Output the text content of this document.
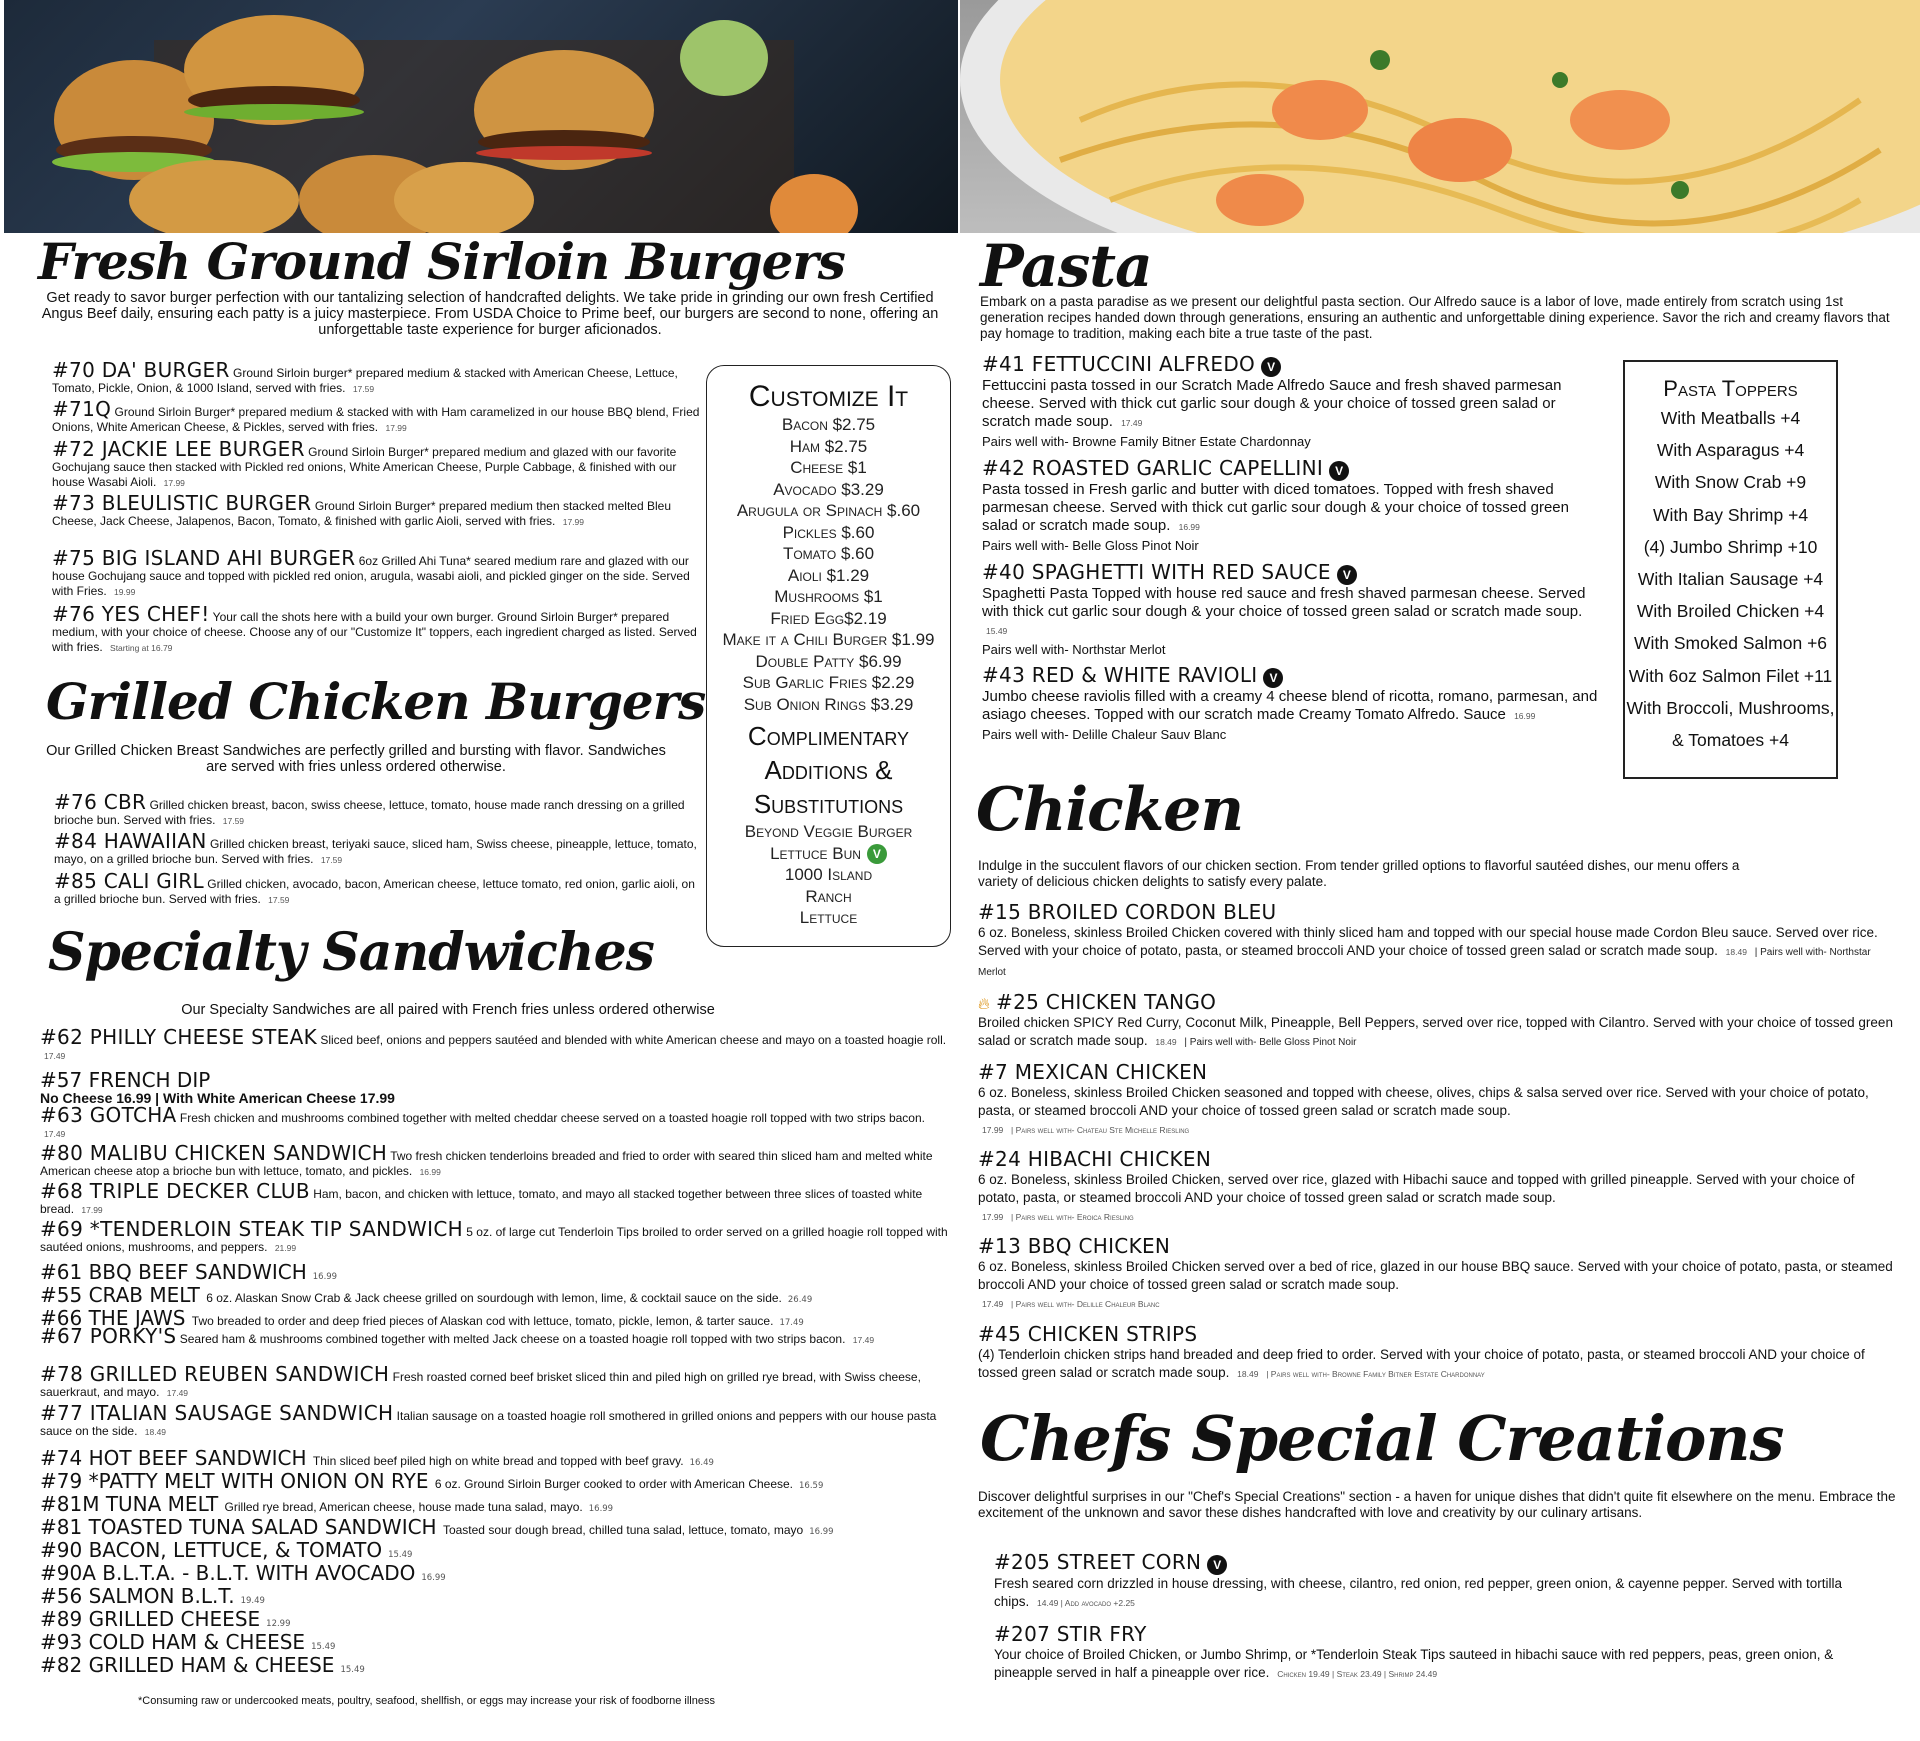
Fresh Ground Sirloin Burgers
Get ready to savor burger perfection with our tantalizing selection of handcrafted delights. We take pride in grinding our own fresh Certified Angus Beef daily, ensuring each patty is a juicy masterpiece. From USDA Choice to Prime beef, our burgers are second to none, offering an unforgettable taste experience for burger aficionados.
#70 DA' BURGER Ground Sirloin burger* prepared medium & stacked with American Cheese, Lettuce, Tomato, Pickle, Onion, & 1000 Island, served with fries. 17.59
#71Q Ground Sirloin Burger* prepared medium & stacked with with Ham caramelized in our house BBQ blend, Fried Onions, White American Cheese, & Pickles, served with fries. 17.99
#72 JACKIE LEE BURGER Ground Sirloin Burger* prepared medium and glazed with our favorite Gochujang sauce then stacked with Pickled red onions, White American Cheese, Purple Cabbage, & finished with our house Wasabi Aioli. 17.99
#73 BLEULISTIC BURGER Ground Sirloin Burger* prepared medium then stacked melted Bleu Cheese, Jack Cheese, Jalapenos, Bacon, Tomato, & finished with garlic Aioli, served with fries. 17.99
#75 BIG ISLAND AHI BURGER 6oz Grilled Ahi Tuna* seared medium rare and glazed with our house Gochujang sauce and topped with pickled red onion, arugula, wasabi aioli, and pickled ginger on the side. Served with Fries. 19.99
#76 YES CHEF! Your call the shots here with a build your own burger. Ground Sirloin Burger* prepared medium, with your choice of cheese. Choose any of our "Customize It" toppers, each ingredient charged as listed. Served with fries. Starting at 16.79
Grilled Chicken Burgers
Our Grilled Chicken Breast Sandwiches are perfectly grilled and bursting with flavor. Sandwiches are served with fries unless ordered otherwise.
#76 CBR Grilled chicken breast, bacon, swiss cheese, lettuce, tomato, house made ranch dressing on a grilled brioche bun. Served with fries. 17.59
#84 HAWAIIAN Grilled chicken breast, teriyaki sauce, sliced ham, Swiss cheese, pineapple, lettuce, tomato, mayo, on a grilled brioche bun. Served with fries. 17.59
#85 CALI GIRL Grilled chicken, avocado, bacon, American cheese, lettuce tomato, red onion, garlic aioli, on a grilled brioche bun. Served with fries. 17.59
Customize It
Bacon $2.75
Ham $2.75
Cheese $1
Avocado $3.29
Arugula or Spinach $.60
Pickles $.60
Tomato $.60
Aioli $1.29
Mushrooms $1
Fried Egg$2.19
Make it a Chili Burger $1.99
Double Patty $6.99
Sub Garlic Fries $2.29
Sub Onion Rings $3.29
Complimentary Additions & Substitutions
Beyond Veggie Burger
Lettuce Bun V
1000 Island
Ranch
Lettuce
Specialty Sandwiches
Our Specialty Sandwiches are all paired with French fries unless ordered otherwise
#62 PHILLY CHEESE STEAK Sliced beef, onions and peppers sautéed and blended with white American cheese and mayo on a toasted hoagie roll. 17.49
#57 FRENCH DIP
No Cheese 16.99 | With White American Cheese 17.99
#63 GOTCHA Fresh chicken and mushrooms combined together with melted cheddar cheese served on a toasted hoagie roll topped with two strips bacon. 17.49
#80 MALIBU CHICKEN SANDWICH Two fresh chicken tenderloins breaded and fried to order with seared thin sliced ham and melted white American cheese atop a brioche bun with lettuce, tomato, and pickles. 16.99
#68 TRIPLE DECKER CLUB Ham, bacon, and chicken with lettuce, tomato, and mayo all stacked together between three slices of toasted white bread. 17.99
#69 *TENDERLOIN STEAK TIP SANDWICH 5 oz. of large cut Tenderloin Tips broiled to order served on a grilled hoagie roll topped with sautéed onions, mushrooms, and peppers. 21.99
#61 BBQ BEEF SANDWICH 16.99
#55 CRAB MELT 6 oz. Alaskan Snow Crab & Jack cheese grilled on sourdough with lemon, lime, & cocktail sauce on the side. 26.49
#66 THE JAWS Two breaded to order and deep fried pieces of Alaskan cod with lettuce, tomato, pickle, lemon, & tarter sauce. 17.49
#67 PORKY'S Seared ham & mushrooms combined together with melted Jack cheese on a toasted hoagie roll topped with two strips bacon. 17.49
#78 GRILLED REUBEN SANDWICH Fresh roasted corned beef brisket sliced thin and piled high on grilled rye bread, with Swiss cheese, sauerkraut, and mayo. 17.49
#77 ITALIAN SAUSAGE SANDWICH Italian sausage on a toasted hoagie roll smothered in grilled onions and peppers with our house pasta sauce on the side. 18.49
#74 HOT BEEF SANDWICH Thin sliced beef piled high on white bread and topped with beef gravy. 16.49
#79 *PATTY MELT WITH ONION ON RYE 6 oz. Ground Sirloin Burger cooked to order with American Cheese. 16.59
#81M TUNA MELT Grilled rye bread, American cheese, house made tuna salad, mayo. 16.99
#81 TOASTED TUNA SALAD SANDWICH Toasted sour dough bread, chilled tuna salad, lettuce, tomato, mayo 16.99
#90 BACON, LETTUCE, & TOMATO 15.49
#90A B.L.T.A. - B.L.T. WITH AVOCADO 16.99
#56 SALMON B.L.T. 19.49
#89 GRILLED CHEESE 12.99
#93 COLD HAM & CHEESE 15.49
#82 GRILLED HAM & CHEESE 15.49
*Consuming raw or undercooked meats, poultry, seafood, shellfish, or eggs may increase your risk of foodborne illness
Pasta
Embark on a pasta paradise as we present our delightful pasta section. Our Alfredo sauce is a labor of love, made entirely from scratch using 1st generation recipes handed down through generations, ensuring an authentic and unforgettable dining experience. Savor the rich and creamy flavors that pay homage to tradition, making each bite a true taste of the past.
#41 FETTUCCINI ALFREDO V
Fettuccini pasta tossed in our Scratch Made Alfredo Sauce and fresh shaved parmesan cheese. Served with thick cut garlic sour dough & your choice of tossed green salad or scratch made soup. 17.49
Pairs well with- Browne Family Bitner Estate Chardonnay
#42 ROASTED GARLIC CAPELLINI V
Pasta tossed in Fresh garlic and butter with diced tomatoes. Topped with fresh shaved parmesan cheese. Served with thick cut garlic sour dough & your choice of tossed green salad or scratch made soup. 16.99
Pairs well with- Belle Gloss Pinot Noir
#40 SPAGHETTI WITH RED SAUCE V
Spaghetti Pasta Topped with house red sauce and fresh shaved parmesan cheese. Served with thick cut garlic sour dough & your choice of tossed green salad or scratch made soup. 15.49
Pairs well with- Northstar Merlot
#43 RED & WHITE RAVIOLI V
Jumbo cheese raviolis filled with a creamy 4 cheese blend of ricotta, romano, parmesan, and asiago cheeses. Topped with our scratch made Creamy Tomato Alfredo. Sauce 16.99
Pairs well with- Delille Chaleur Sauv Blanc
Pasta Toppers
With Meatballs +4
With Asparagus +4
With Snow Crab +9
With Bay Shrimp +4
(4) Jumbo Shrimp +10
With Italian Sausage +4
With Broiled Chicken +4
With Smoked Salmon +6
With 6oz Salmon Filet +11
With Broccoli, Mushrooms,
& Tomatoes +4
Chicken
Indulge in the succulent flavors of our chicken section. From tender grilled options to flavorful sautéed dishes, our menu offers a variety of delicious chicken delights to satisfy every palate.
#15 BROILED CORDON BLEU
6 oz. Boneless, skinless Broiled Chicken covered with thinly sliced ham and topped with our special house made Cordon Bleu sauce. Served over rice. Served with your choice of potato, pasta, or steamed broccoli AND your choice of tossed green salad or scratch made soup. 18.49 | Pairs well with- Northstar Merlot
🔥︎ #25 CHICKEN TANGO
Broiled chicken SPICY Red Curry, Coconut Milk, Pineapple, Bell Peppers, served over rice, topped with Cilantro. Served with your choice of tossed green salad or scratch made soup. 18.49 | Pairs well with- Belle Gloss Pinot Noir
#7 MEXICAN CHICKEN
6 oz. Boneless, skinless Broiled Chicken seasoned and topped with cheese, olives, chips & salsa served over rice. Served with your choice of potato, pasta, or steamed broccoli AND your choice of tossed green salad or scratch made soup.
17.99 | Pairs well with- Chateau Ste Michelle Riesling
#24 HIBACHI CHICKEN
6 oz. Boneless, skinless Broiled Chicken, served over rice, glazed with Hibachi sauce and topped with grilled pineapple. Served with your choice of potato, pasta, or steamed broccoli AND your choice of tossed green salad or scratch made soup.
17.99 | Pairs well with- Eroica Riesling
#13 BBQ CHICKEN
6 oz. Boneless, skinless Broiled Chicken served over a bed of rice, glazed in our house BBQ sauce. Served with your choice of potato, pasta, or steamed broccoli AND your choice of tossed green salad or scratch made soup.
17.49 | Pairs well with- Delille Chaleur Blanc
#45 CHICKEN STRIPS
(4) Tenderloin chicken strips hand breaded and deep fried to order. Served with your choice of potato, pasta, or steamed broccoli AND your choice of tossed green salad or scratch made soup. 18.49 | Pairs well with- Browne Family Bitner Estate Chardonnay
Chefs Special Creations
Discover delightful surprises in our "Chef's Special Creations" section - a haven for unique dishes that didn't quite fit elsewhere on the menu. Embrace the excitement of the unknown and savor these dishes handcrafted with love and creativity by our culinary artisans.
#205 STREET CORN V
Fresh seared corn drizzled in house dressing, with cheese, cilantro, red onion, red pepper, green onion, & cayenne pepper. Served with tortilla chips. 14.49 | Add avocado +2.25
#207 STIR FRY
Your choice of Broiled Chicken, or Jumbo Shrimp, or *Tenderloin Steak Tips sauteed in hibachi sauce with red peppers, peas, green onion, & pineapple served in half a pineapple over rice. Chicken 19.49 | Steak 23.49 | Shrimp 24.49
